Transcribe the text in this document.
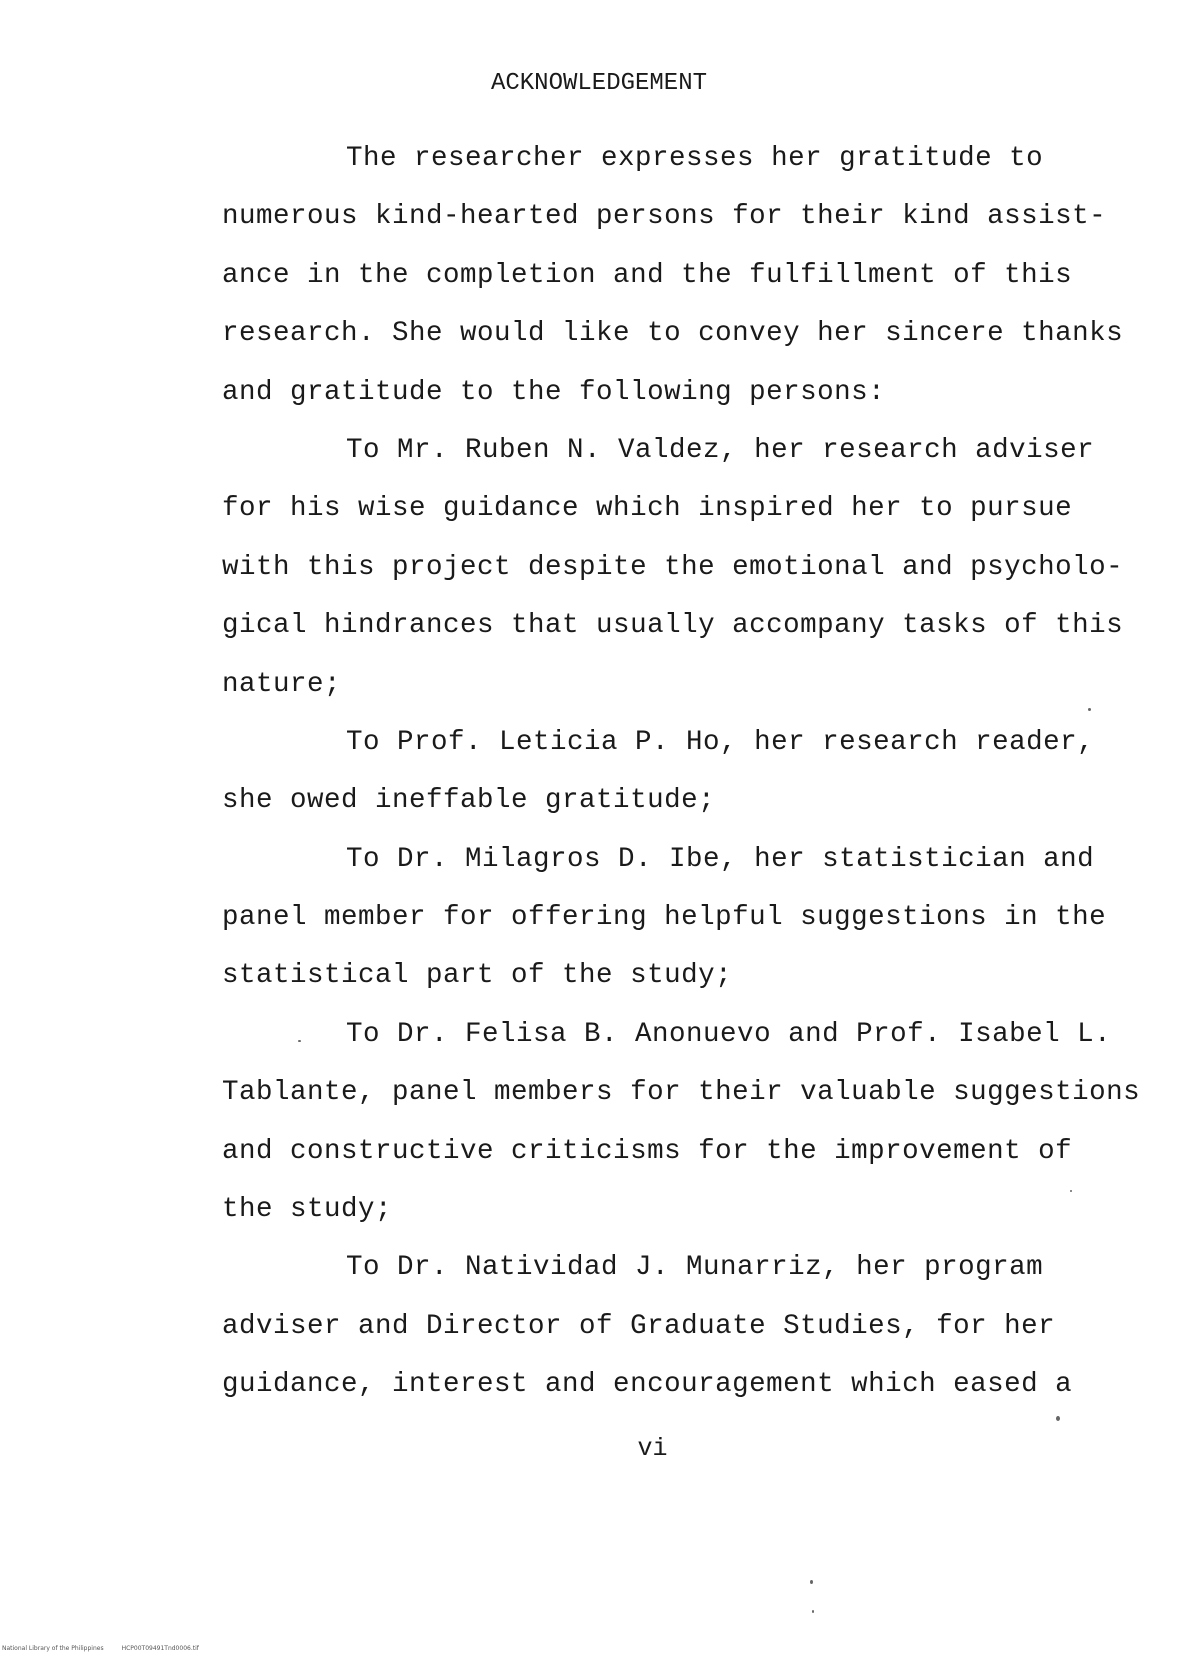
ACKNOWLEDGEMENT
The researcher expresses her gratitude to
numerous kind-hearted persons for their kind assist-
ance in the completion and the fulfillment of this
research. She would like to convey her sincere thanks
and gratitude to the following persons:
To Mr. Ruben N. Valdez, her research adviser
for his wise guidance which inspired her to pursue
with this project despite the emotional and psycholo-
gical hindrances that usually accompany tasks of this
nature;
To Prof. Leticia P. Ho, her research reader,
she owed ineffable gratitude;
To Dr. Milagros D. Ibe, her statistician and
panel member for offering helpful suggestions in the
statistical part of the study;
To Dr. Felisa B. Anonuevo and Prof. Isabel L.
Tablante, panel members for their valuable suggestions
and constructive criticisms for the improvement of
the study;
To Dr. Natividad J. Munarriz, her program
adviser and Director of Graduate Studies, for her
guidance, interest and encouragement which eased a
vi
National Library of the Philippines	HCP00T09491Tnd0006.tif
